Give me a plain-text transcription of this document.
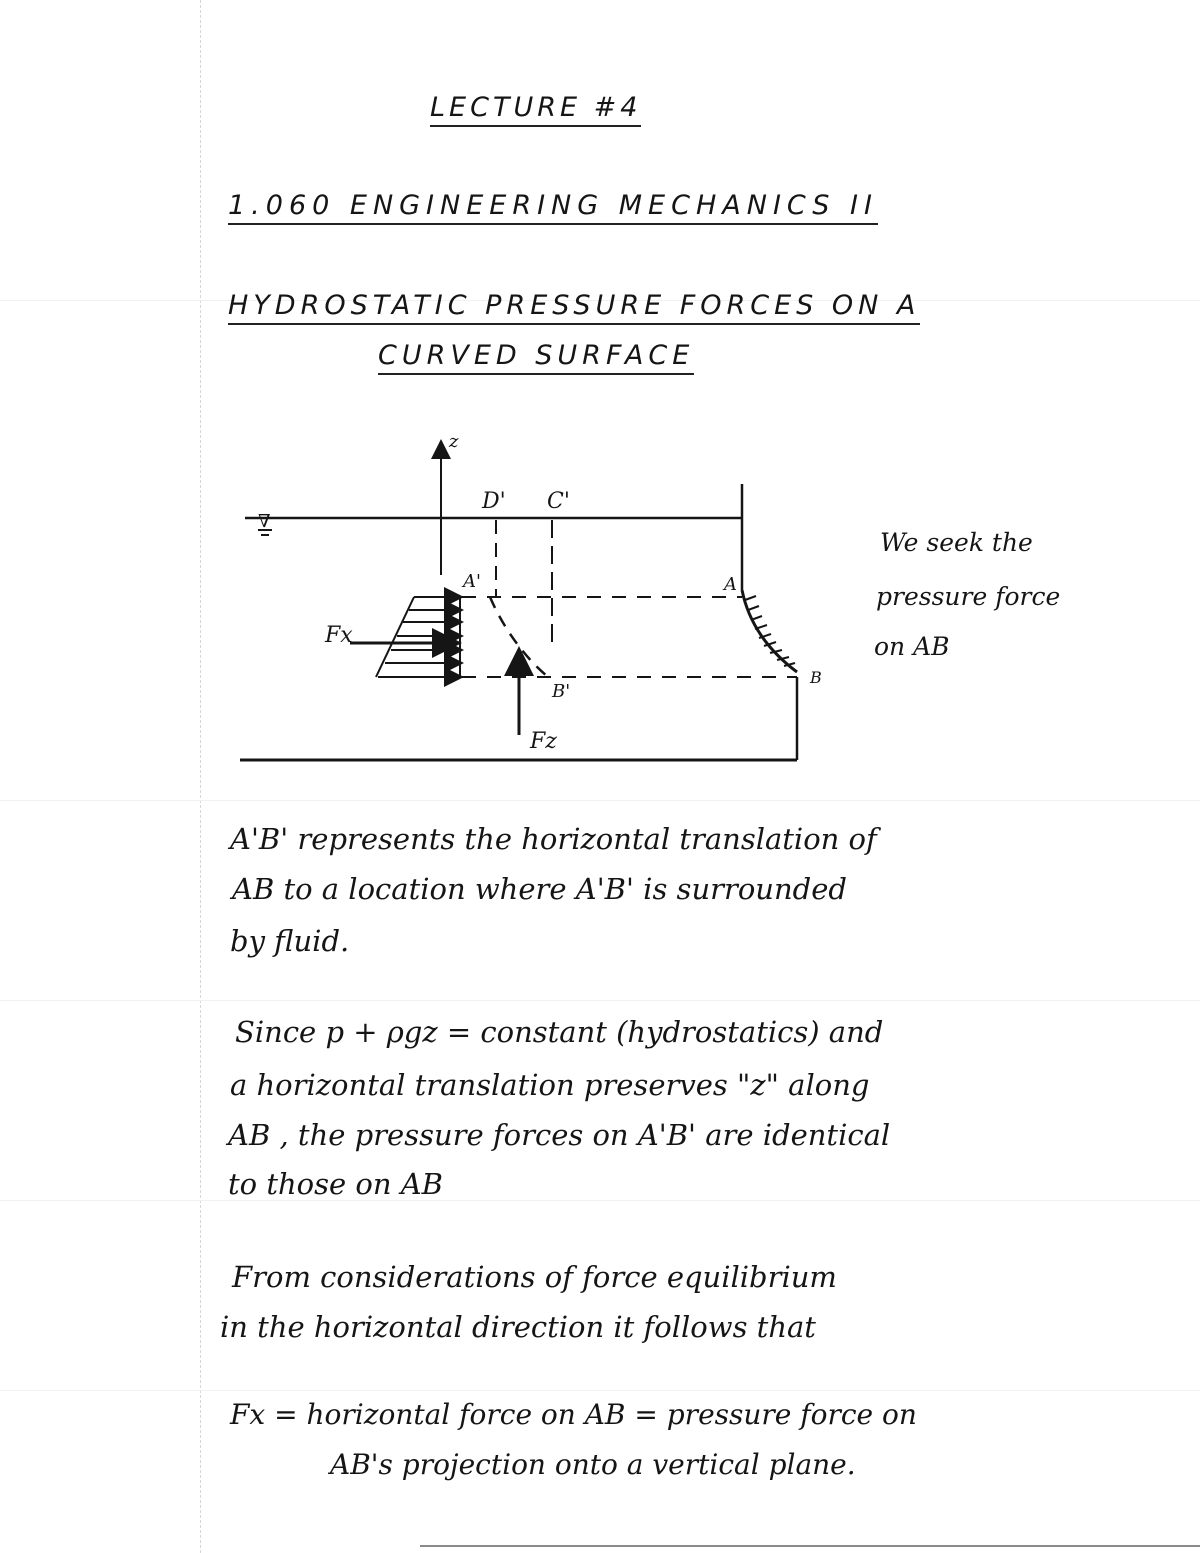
LECTURE #4
1.060 ENGINEERING MECHANICS II
HYDROSTATIC PRESSURE FORCES ON A
CURVED SURFACE
z
∇
Fx
Fz
D' C'
A'	A
B
B'
We seek the
pressure force
on AB
A'B' represents the horizontal translation of
AB to a location where A'B' is surrounded
by fluid.
Since p + ρgz = constant (hydrostatics) and
a horizontal translation preserves "z" along
AB , the pressure forces on A'B' are identical
to those on AB
From considerations of force equilibrium
in the horizontal direction it follows that
Fx = horizontal force on AB = pressure force on
AB's projection onto a vertical plane.
